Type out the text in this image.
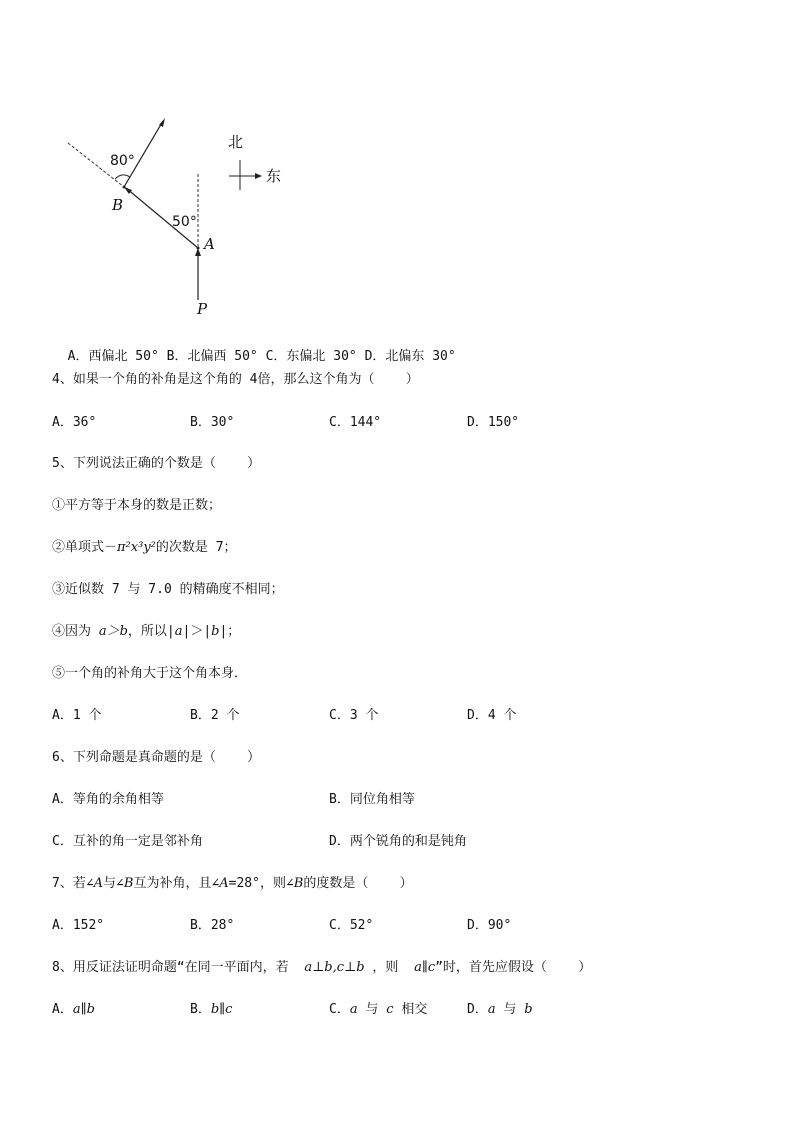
北
东
80°
50°
B
A
P

A．西偏北 50° B．北偏西 50° C．东偏北 30° D．北偏东 30°

4、如果一个角的补角是这个角的 4倍，那么这个角为（    ）
A．36°	B．30°	C．144°	D．150°
5、下列说法正确的个数是（    ）
①平方等于本身的数是正数；
②单项式－π²x³y²的次数是 7；
③近似数 7 与 7.0 的精确度不相同；
④因为 a＞b，所以|a|＞|b|；
⑤一个角的补角大于这个角本身．
A．1 个	B．2 个	C．3 个	D．4 个
6、下列命题是真命题的是（    ）
A．等角的余角相等	B．同位角相等
C．互补的角一定是邻补角	D．两个锐角的和是钝角
7、若∠A与∠B互为补角，且∠A=28°，则∠B的度数是（    ）
A．152°	B．28°	C．52°	D．90°
8、用反证法证明命题“在同一平面内，若  a⊥b,c⊥b ，则  a∥c”时，首先应假设（    ）
A．a∥b	B．b∥c	C．a 与 c 相交	D．a 与 b
